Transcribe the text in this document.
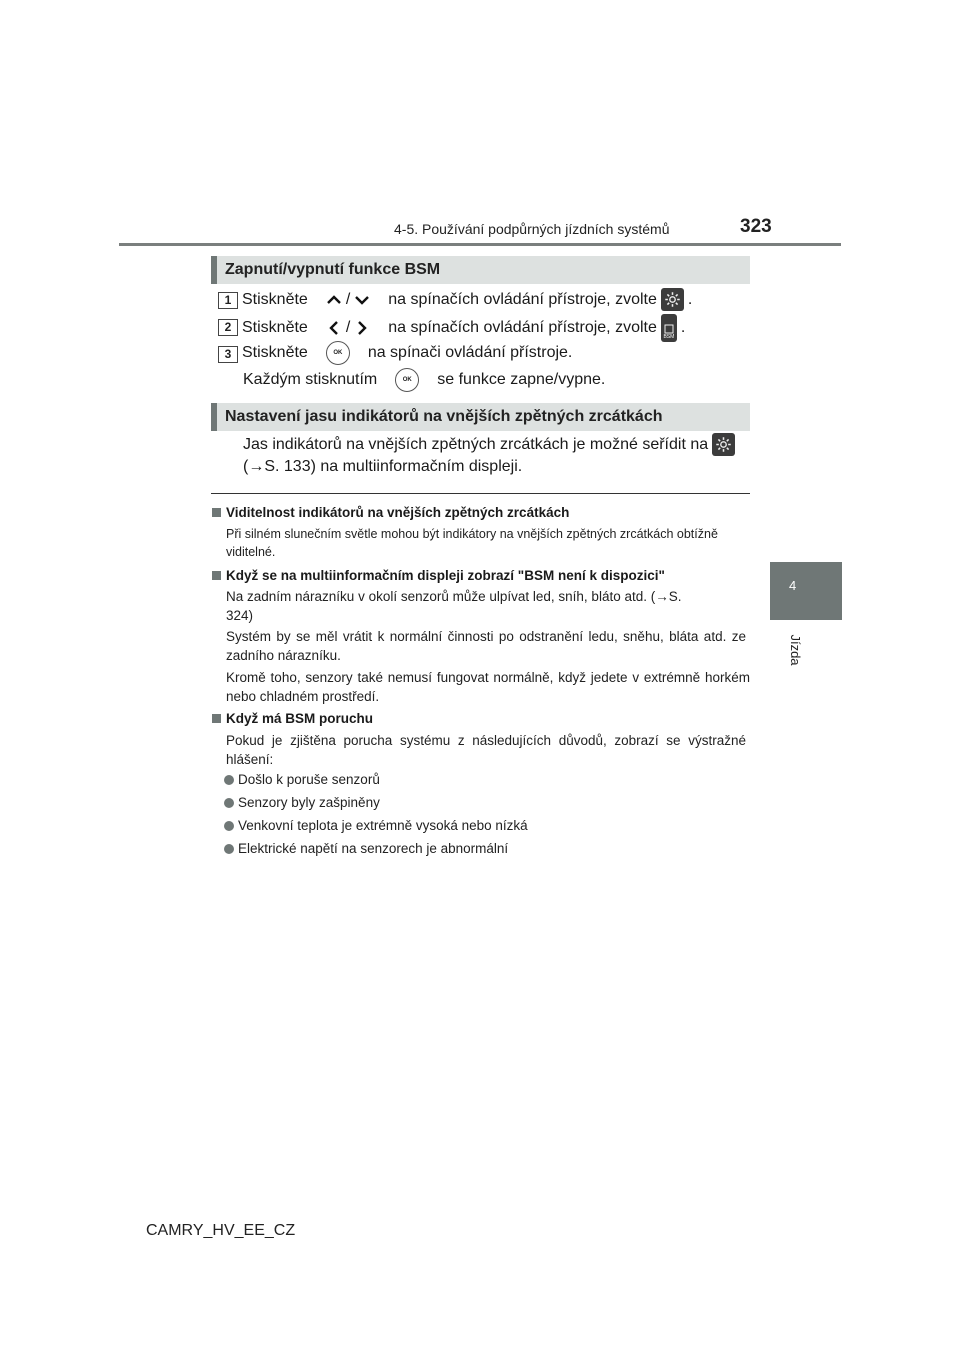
4-5. Používání podpůrných jízdních systémů	323
4
Jízda
Zapnutí/vypnutí funkce BSM
1 Stiskněte / na spínačích ovládání přístroje, zvolte .
2 Stiskněte / na spínačích ovládání přístroje, zvolte
BSM
.
3 Stiskněte	OK	na spínači ovládání přístroje.
Každým stisknutím	OK	se funkce zapne/vypne.
Nastavení jasu indikátorů na vnějších zpětných zrcátkách
Jas indikátorů na vnějších zpětných zrcátkách je možné seřídit na
(→S. 133) na multiinformačním displeji.
Viditelnost indikátorů na vnějších zpětných zrcátkách
Při silném slunečním světle mohou být indikátory na vnějších zpětných zrcátkách obtížně viditelné.
Když se na multiinformačním displeji zobrazí "BSM není k dispozici"
Na zadním nárazníku v okolí senzorů může ulpívat led, sníh, bláto atd. (→S. 324)
Systém by se měl vrátit k normální činnosti po odstranění ledu, sněhu, bláta atd. ze zadního nárazníku.
Kromě toho, senzory také nemusí fungovat normálně, když jedete v extrémně horkém nebo chladném prostředí.
Když má BSM poruchu
Pokud je zjištěna porucha systému z následujících důvodů, zobrazí se výstražné hlášení:
Došlo k poruše senzorů
Senzory byly zašpiněny
Venkovní teplota je extrémně vysoká nebo nízká
Elektrické napětí na senzorech je abnormální
CAMRY_HV_EE_CZ
